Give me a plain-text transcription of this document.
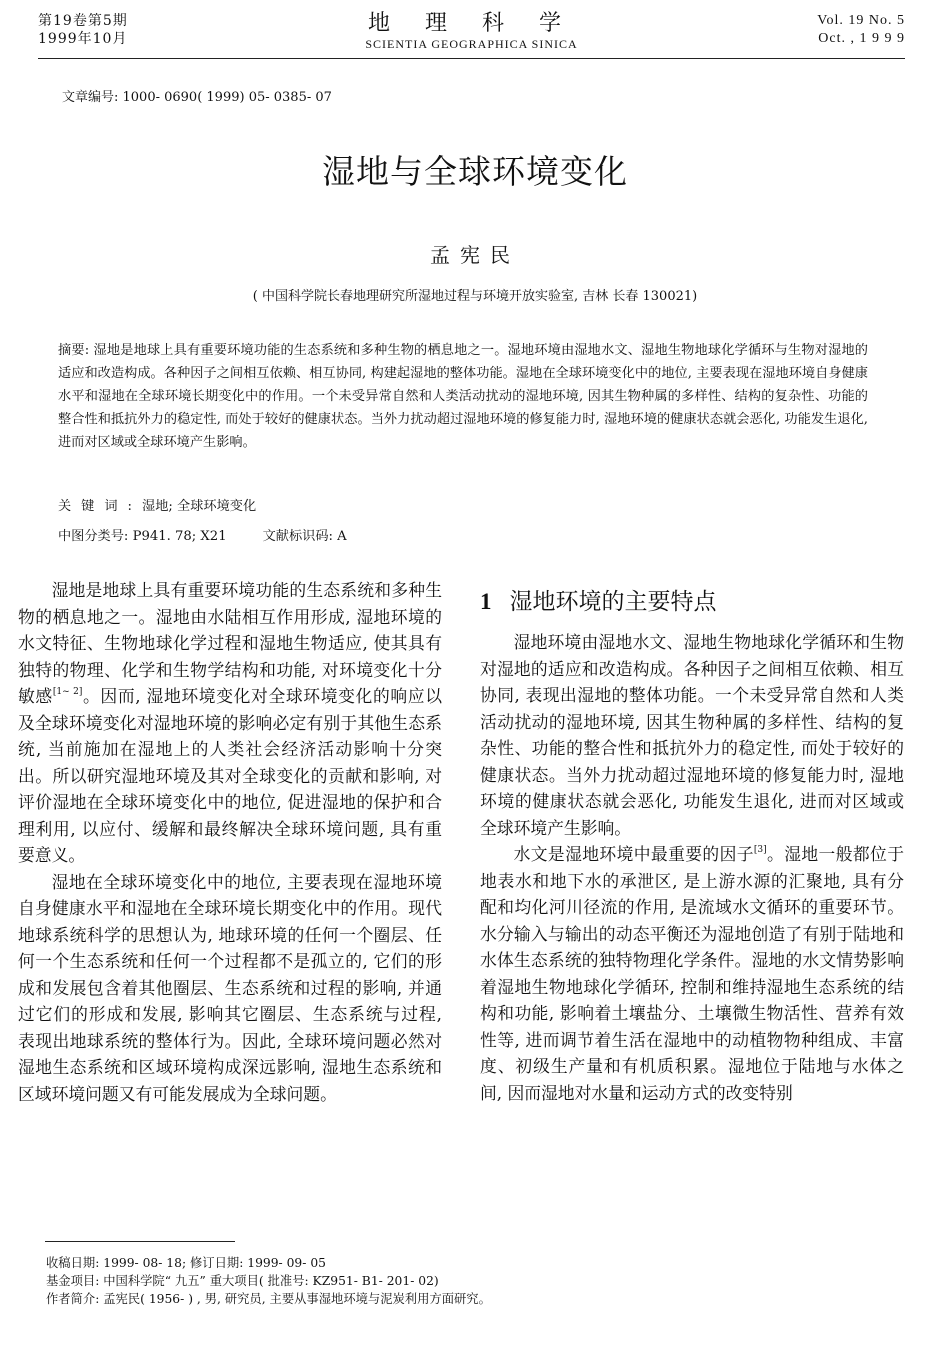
第19卷第5期
1999年10月
地 理 科 学
SCIENTIA GEOGRAPHICA SINICA
Vol. 19 No. 5
Oct. , 1 9 9 9
文章编号: 1000- 0690( 1999) 05- 0385- 07
湿地与全球环境变化
孟宪民
( 中国科学院长春地理研究所湿地过程与环境开放实验室, 吉林 长春 130021)
摘要: 湿地是地球上具有重要环境功能的生态系统和多种生物的栖息地之一。湿地环境由湿地水文、湿地生物地球化学循环与生物对湿地的适应和改造构成。各种因子之间相互依赖、相互协同, 构建起湿地的整体功能。湿地在全球环境变化中的地位, 主要表现在湿地环境自身健康水平和湿地在全球环境长期变化中的作用。一个未受异常自然和人类活动扰动的湿地环境, 因其生物种属的多样性、结构的复杂性、功能的整合性和抵抗外力的稳定性, 而处于较好的健康状态。当外力扰动超过湿地环境的修复能力时, 湿地环境的健康状态就会恶化, 功能发生退化, 进而对区域或全球环境产生影响。
关键词:湿地; 全球环境变化
中图分类号: P941. 78; X21	文献标识码: A

湿地是地球上具有重要环境功能的生态系统和多种生物的栖息地之一。湿地由水陆相互作用形成, 湿地环境的水文特征、生物地球化学过程和湿地生物适应, 使其具有独特的物理、化学和生物学结构和功能, 对环境变化十分敏感[1~ 2]。因而, 湿地环境变化对全球环境变化的响应以及全球环境变化对湿地环境的影响必定有别于其他生态系统, 当前施加在湿地上的人类社会经济活动影响十分突出。所以研究湿地环境及其对全球变化的贡献和影响, 对评价湿地在全球环境变化中的地位, 促进湿地的保护和合理利用, 以应付、缓解和最终解决全球环境问题, 具有重要意义。

湿地在全球环境变化中的地位, 主要表现在湿地环境自身健康水平和湿地在全球环境长期变化中的作用。现代地球系统科学的思想认为, 地球环境的任何一个圈层、任何一个生态系统和任何一个过程都不是孤立的, 它们的形成和发展包含着其他圈层、生态系统和过程的影响, 并通过它们的形成和发展, 影响其它圈层、生态系统与过程, 表现出地球系统的整体行为。因此, 全球环境问题必然对湿地生态系统和区域环境构成深远影响, 湿地生态系统和区域环境问题又有可能发展成为全球问题。

1 湿地环境的主要特点

湿地环境由湿地水文、湿地生物地球化学循环和生物对湿地的适应和改造构成。各种因子之间相互依赖、相互协同, 表现出湿地的整体功能。一个未受异常自然和人类活动扰动的湿地环境, 因其生物种属的多样性、结构的复杂性、功能的整合性和抵抗外力的稳定性, 而处于较好的健康状态。当外力扰动超过湿地环境的修复能力时, 湿地环境的健康状态就会恶化, 功能发生退化, 进而对区域或全球环境产生影响。

水文是湿地环境中最重要的因子[3]。湿地一般都位于地表水和地下水的承泄区, 是上游水源的汇聚地, 具有分配和均化河川径流的作用, 是流域水文循环的重要环节。水分输入与输出的动态平衡还为湿地创造了有别于陆地和水体生态系统的独特物理化学条件。湿地的水文情势影响着湿地生物地球化学循环, 控制和维持湿地生态系统的结构和功能, 影响着土壤盐分、土壤微生物活性、营养有效性等, 进而调节着生活在湿地中的动植物物种组成、丰富度、初级生产量和有机质积累。湿地位于陆地与水体之间, 因而湿地对水量和运动方式的改变特别

收稿日期: 1999- 08- 18; 修订日期: 1999- 09- 05
基金项目: 中国科学院“ 九五” 重大项目( 批准号: KZ951- B1- 201- 02)
作者简介: 孟宪民( 1956- ) , 男, 研究员, 主要从事湿地环境与泥炭利用方面研究。
